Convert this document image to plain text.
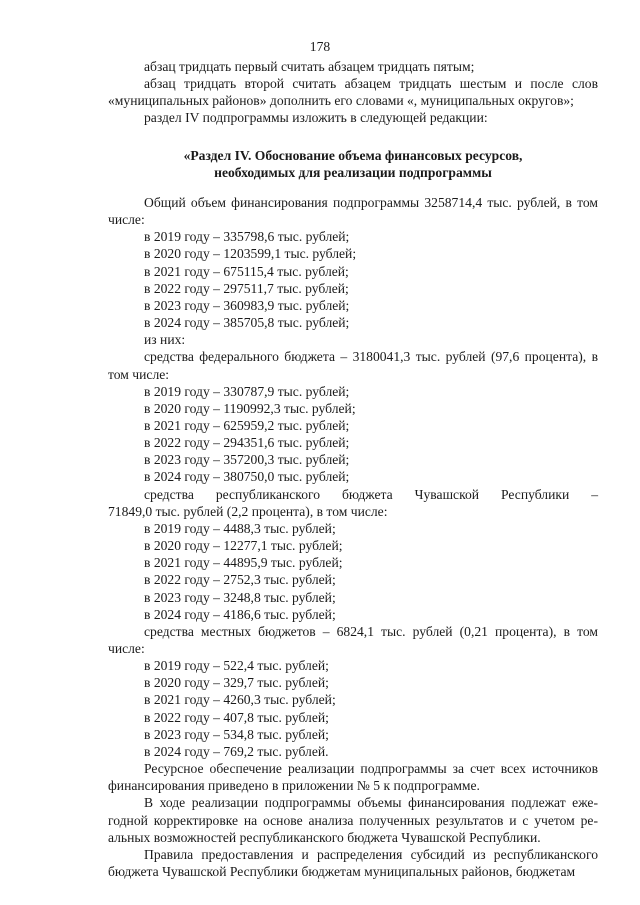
178

абзац тридцать первый считать абзацем тридцать пятым;

абзац тридцать второй считать абзацем тридцать шестым и после слов «муниципальных районов» дополнить его словами «, муниципальных округов»;

раздел IV подпрограммы изложить в следующей редакции:

«Раздел IV. Обоснование объема финансовых ресурсов,

необходимых для реализации подпрограммы

Общий объем финансирования подпрограммы 3258714,4 тыс. рублей, в том числе:

в 2019 году – 335798,6 тыс. рублей;

в 2020 году – 1203599,1 тыс. рублей;

в 2021 году – 675115,4 тыс. рублей;

в 2022 году – 297511,7 тыс. рублей;

в 2023 году – 360983,9 тыс. рублей;

в 2024 году – 385705,8 тыс. рублей;

из них:

средства федерального бюджета – 3180041,3 тыс. рублей (97,6 процента), в том числе:

в 2019 году – 330787,9 тыс. рублей;

в 2020 году – 1190992,3 тыс. рублей;

в 2021 году – 625959,2 тыс. рублей;

в 2022 году – 294351,6 тыс. рублей;

в 2023 году – 357200,3 тыс. рублей;

в 2024 году – 380750,0 тыс. рублей;

средства республиканского бюджета Чувашской Республики –

71849,0 тыс. рублей (2,2 процента), в том числе:

в 2019 году – 4488,3 тыс. рублей;

в 2020 году – 12277,1 тыс. рублей;

в 2021 году – 44895,9 тыс. рублей;

в 2022 году – 2752,3 тыс. рублей;

в 2023 году – 3248,8 тыс. рублей;

в 2024 году – 4186,6 тыс. рублей;

средства местных бюджетов – 6824,1 тыс. рублей (0,21 процента), в том числе:

в 2019 году – 522,4 тыс. рублей;

в 2020 году – 329,7 тыс. рублей;

в 2021 году – 4260,3 тыс. рублей;

в 2022 году – 407,8 тыс. рублей;

в 2023 году – 534,8 тыс. рублей;

в 2024 году – 769,2 тыс. рублей.

Ресурсное обеспечение реализации подпрограммы за счет всех источников финансирования приведено в приложении № 5 к подпрограмме.

В ходе реализации подпрограммы объемы финансирования подлежат ежегодной корректировке на основе анализа полученных результатов и с учетом реальных возможностей республиканского бюджета Чувашской Республики.

Правила предоставления и распределения субсидий из республиканского бюджета Чувашской Республики бюджетам муниципальных районов, бюджетам
